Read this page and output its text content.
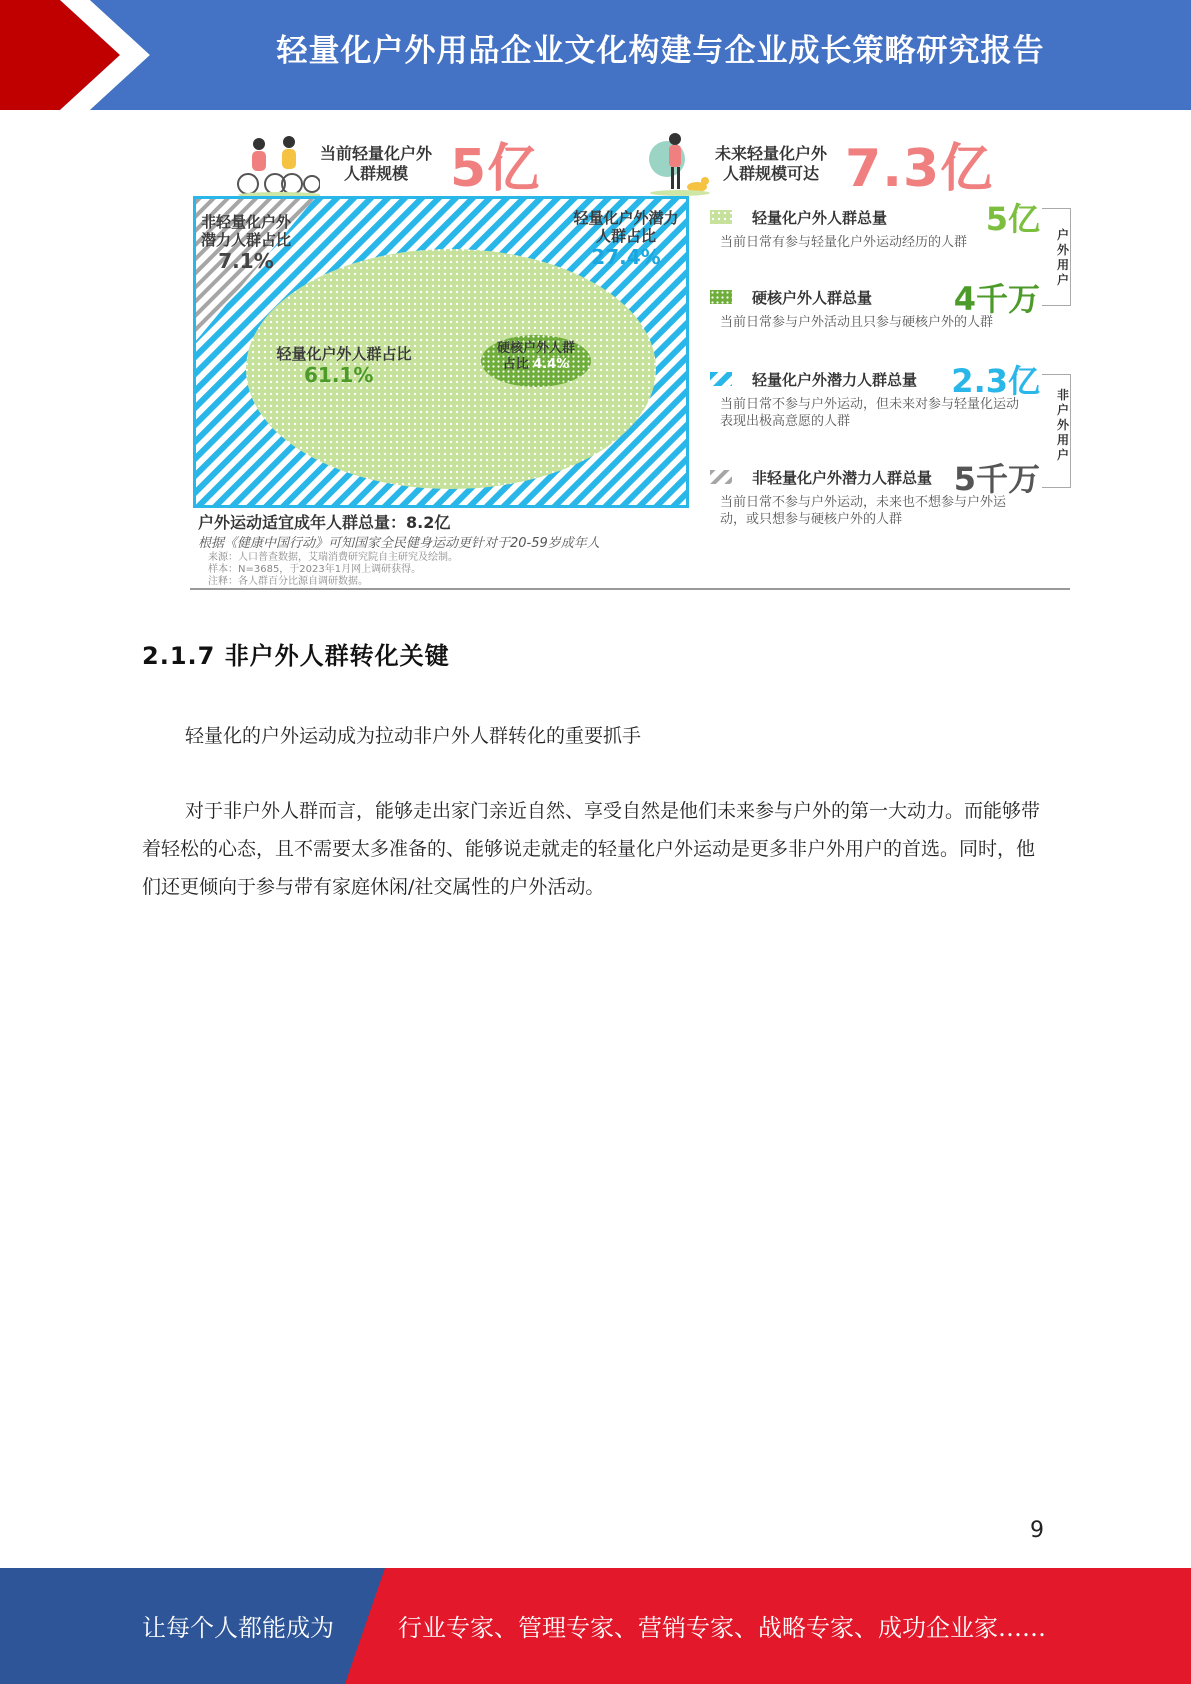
轻量化户外用品企业文化构建与企业成长策略研究报告
当前轻量化户外
人群规模 5亿	未来轻量化户外
人群规模可达 7.3亿
非轻量化户外
潜力人群占比
7.1%
轻量化户外潜力
人群占比
27.4%
轻量化户外人群占比
61.1%
硬核户外人群
占比 4.4%
户外运动适宜成年人群总量：8.2亿
根据《健康中国行动》可知国家全民健身运动更针对于20-59岁成年人
来源：人口普查数据，艾瑞消费研究院自主研究及绘制。
样本：N=3685，于2023年1月网上调研获得。
注释：各人群百分比源自调研数据。
轻量化户外人群总量	5亿
当前日常有参与轻量化户外运动经历的人群
硬核户外人群总量	4千万
当前日常参与户外活动且只参与硬核户外的人群
轻量化户外潜力人群总量	2.3亿
当前日常不参与户外运动，但未来对参与轻量化运动表现出极高意愿的人群
非轻量化户外潜力人群总量 5千万
当前日常不参与户外运动，未来也不想参与户外运动，或只想参与硬核户外的人群
户外用户
非户外用户
2.1.7 非户外人群转化关键
轻量化的户外运动成为拉动非户外人群转化的重要抓手
对于非户外人群而言，能够走出家门亲近自然、享受自然是他们未来参与户外的第一大动力。而能够带着轻松的心态，且不需要太多准备的、能够说走就走的轻量化户外运动是更多非户外用户的首选。同时，他们还更倾向于参与带有家庭休闲/社交属性的户外活动。
9
让每个人都能成为	行业专家、管理专家、营销专家、战略专家、成功企业家……
